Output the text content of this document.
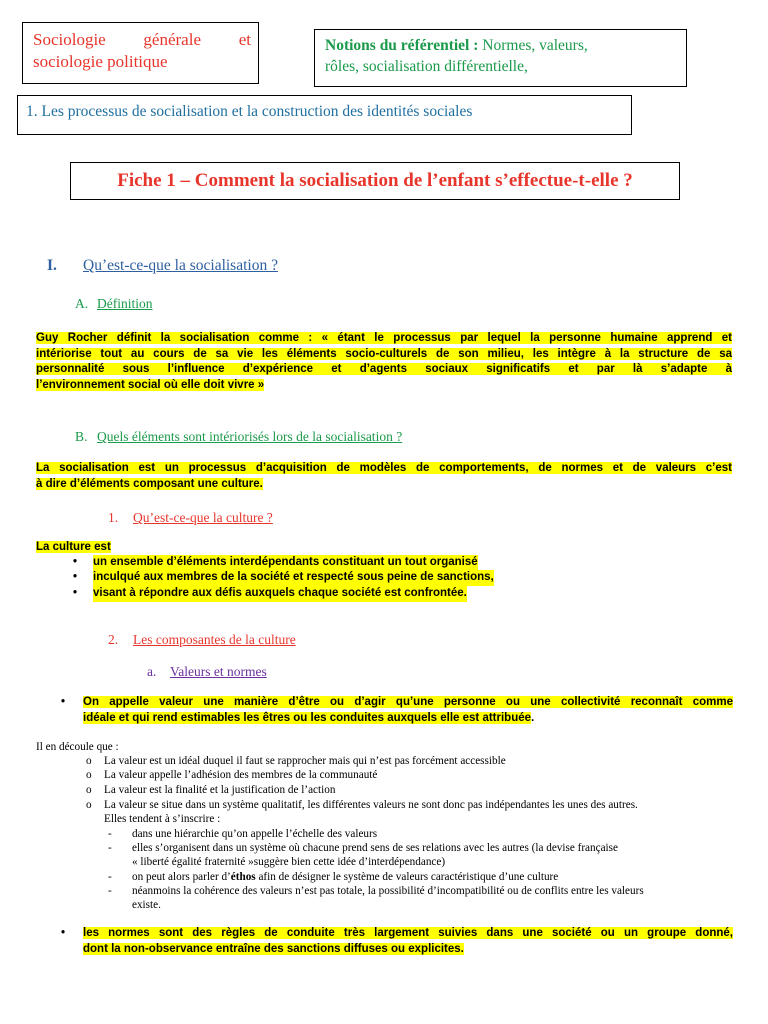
Sociologie générale et
sociologie politique
Notions du référentiel : Normes, valeurs,
rôles, socialisation différentielle,
1. Les processus de socialisation et la construction des identités sociales
Fiche 1 – Comment la socialisation de l’enfant s’effectue-t-elle ?
I. Qu’est-ce-que la socialisation ?
A. Définition
Guy Rocher définit la socialisation comme : « étant le processus par lequel la personne humaine apprend et
intériorise tout au cours de sa vie les éléments socio-culturels de son milieu, les intègre à la structure de sa
personnalité sous l’influence d’expérience et d’agents sociaux significatifs et par là s’adapte à
l’environnement social où elle doit vivre »
B. Quels éléments sont intériorisés lors de la socialisation ?
La socialisation est un processus d’acquisition de modèles de comportements, de normes et de valeurs c’est
à dire d’éléments composant une culture.
1. Qu’est-ce-que la culture ?
La culture est
•	un ensemble d’éléments interdépendants constituant un tout organisé
•	inculqué aux membres de la société et respecté sous peine de sanctions,
•	visant à répondre aux défis auxquels chaque société est confrontée.
2. Les composantes de la culture
a. Valeurs et normes
•	On appelle valeur une manière d’être ou d’agir qu’une personne ou une collectivité reconnaît comme
idéale et qui rend estimables les êtres ou les conduites auxquels elle est attribuée.
Il en découle que :
o	La valeur est un idéal duquel il faut se rapprocher mais qui n’est pas forcément accessible
o	La valeur appelle l’adhésion des membres de la communauté
o	La valeur est la finalité et la justification de l’action
o	La valeur se situe dans un système qualitatif, les différentes valeurs ne sont donc pas indépendantes les unes des autres.
Elles tendent à s’inscrire :
-	dans une hiérarchie qu’on appelle l’échelle des valeurs
-	elles s’organisent dans un système où chacune prend sens de ses relations avec les autres (la devise française
« liberté égalité fraternité »suggère bien cette idée d’interdépendance)
-	on peut alors parler d’éthos afin de désigner le système de valeurs caractéristique d’une culture
-	néanmoins la cohérence des valeurs n’est pas totale, la possibilité d’incompatibilité ou de conflits entre les valeurs
existe.
•	les normes sont des règles de conduite très largement suivies dans une société ou un groupe donné,
dont la non-observance entraîne des sanctions diffuses ou explicites.
